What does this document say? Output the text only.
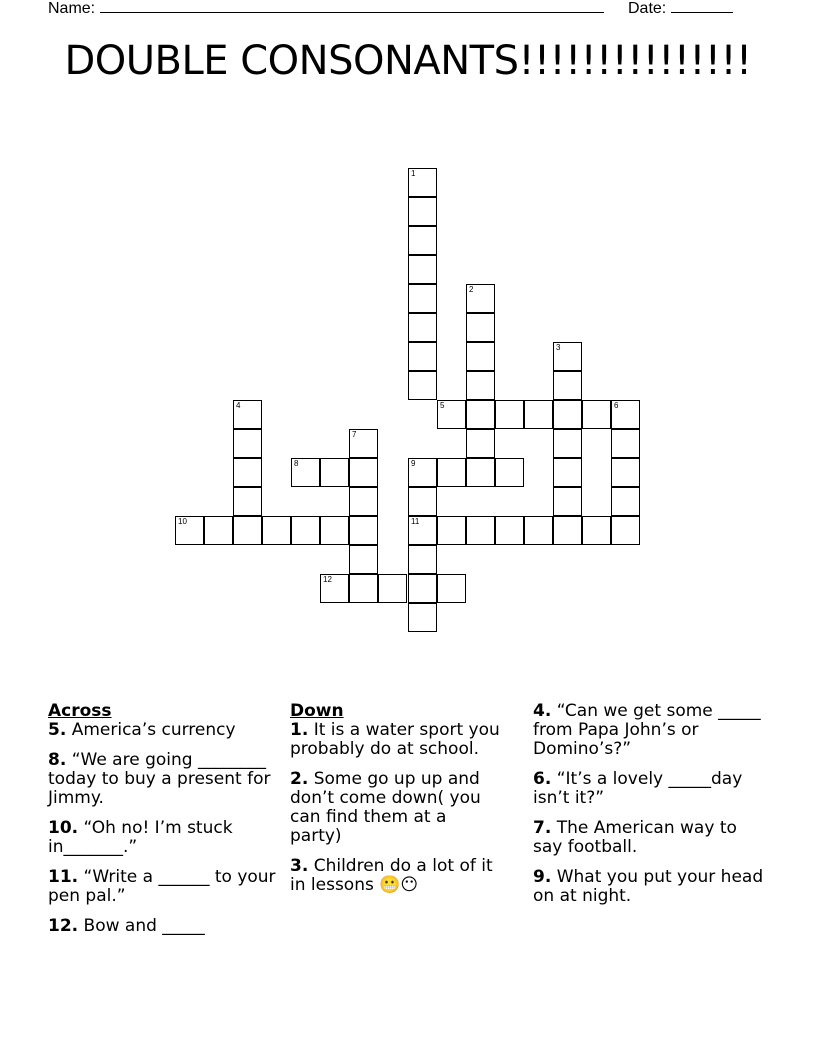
Name:	Date:
DOUBLE CONSONANTS!!!!!!!!!!!!!!!
1
2
3
5	6
4
7
8	9
11
10
12
Across
5. America’s currency
8. “We are going ________ today to buy a present for Jimmy.
10. “Oh no! I’m stuck in_______.”
11. “Write a ______ to your pen pal.”
12. Bow and _____
Down
1. It is a water sport you probably do at school.
2. Some go up up and don’t come down( you can find them at a party)
3. Children do a lot of it in lessons 😬😶
4. “Can we get some _____ from Papa John’s or Domino’s?”
6. “It’s a lovely _____day isn’t it?”
7. The American way to say football.
9. What you put your head on at night.
